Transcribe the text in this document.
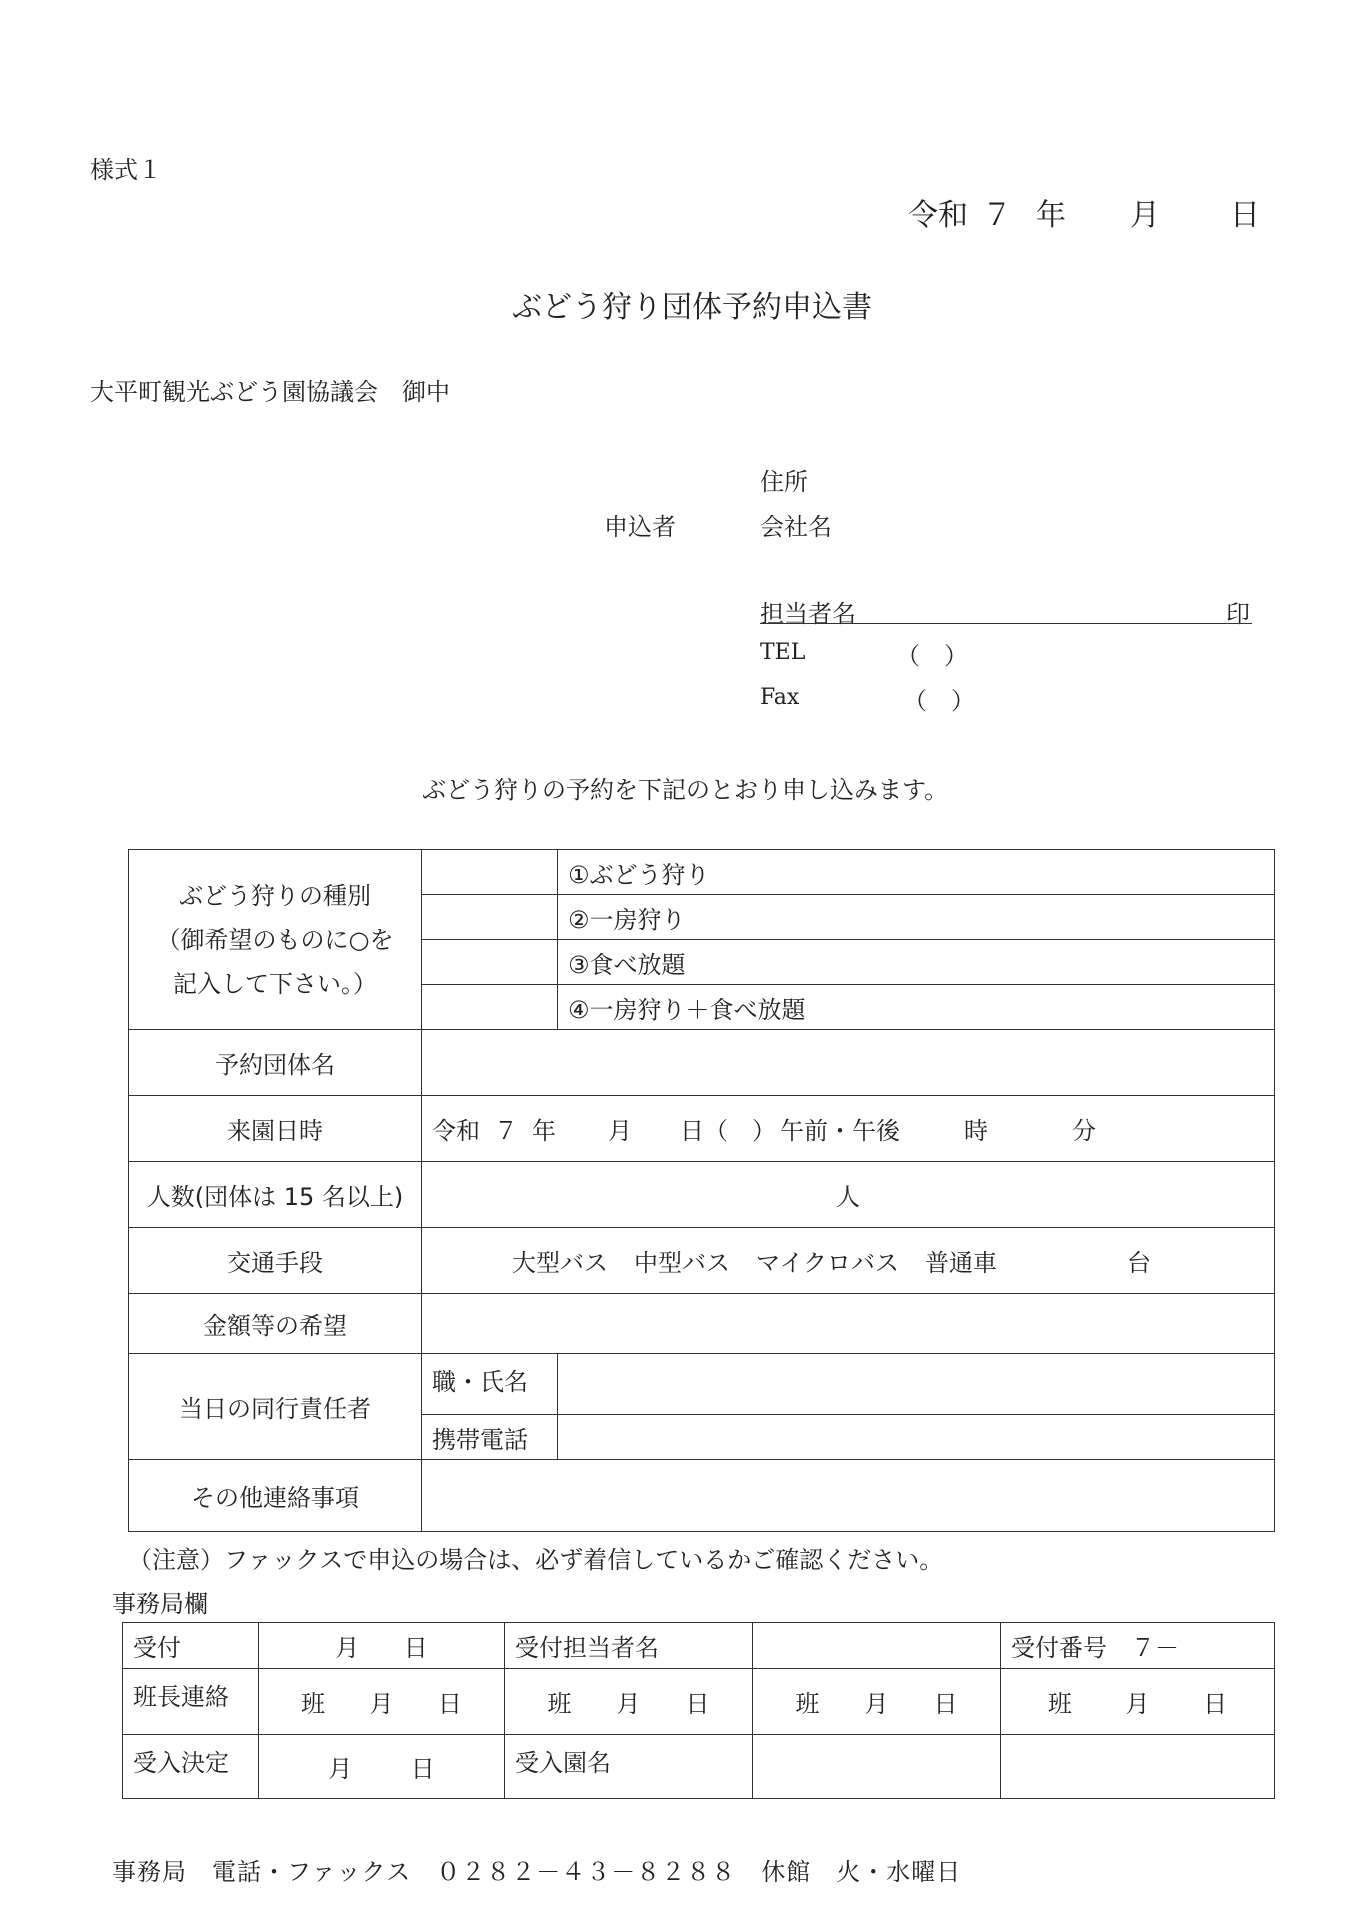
様式１
令和 ７ 年 月 日
ぶどう狩り団体予約申込書
大平町観光ぶどう園協議会　御中
住所
申込者	会社名
担当者名	印
TEL	（　）
Fax	（　）
ぶどう狩りの予約を下記のとおり申し込みます。
ぶどう狩りの種別
（御希望のものに○を
記入して下さい。）		①ぶどう狩り
		②一房狩り
		③食べ放題
		④一房狩り＋食べ放題
予約団体名		
来園日時	令和 ７ 年 月 日（　） 午前・午後 時 分	
人数(団体は 15 名以上)	人	
交通手段	大型バス 中型バス マイクロバス 普通車 台	
金額等の希望		
当日の同行責任者	職・氏名	
	携帯電話	
その他連絡事項		
（注意）ファックスで申込の場合は、必ず着信しているかご確認ください。
事務局欄
受付	月 日	受付担当者名		受付番号　７－
班長連絡	班 月 日	班 月 日	班 月 日	班 月 日

受入決定	月 日	受入園名		
事務局　電話・ファックス　０２８２－４３－８２８８　休館　火・水曜日
